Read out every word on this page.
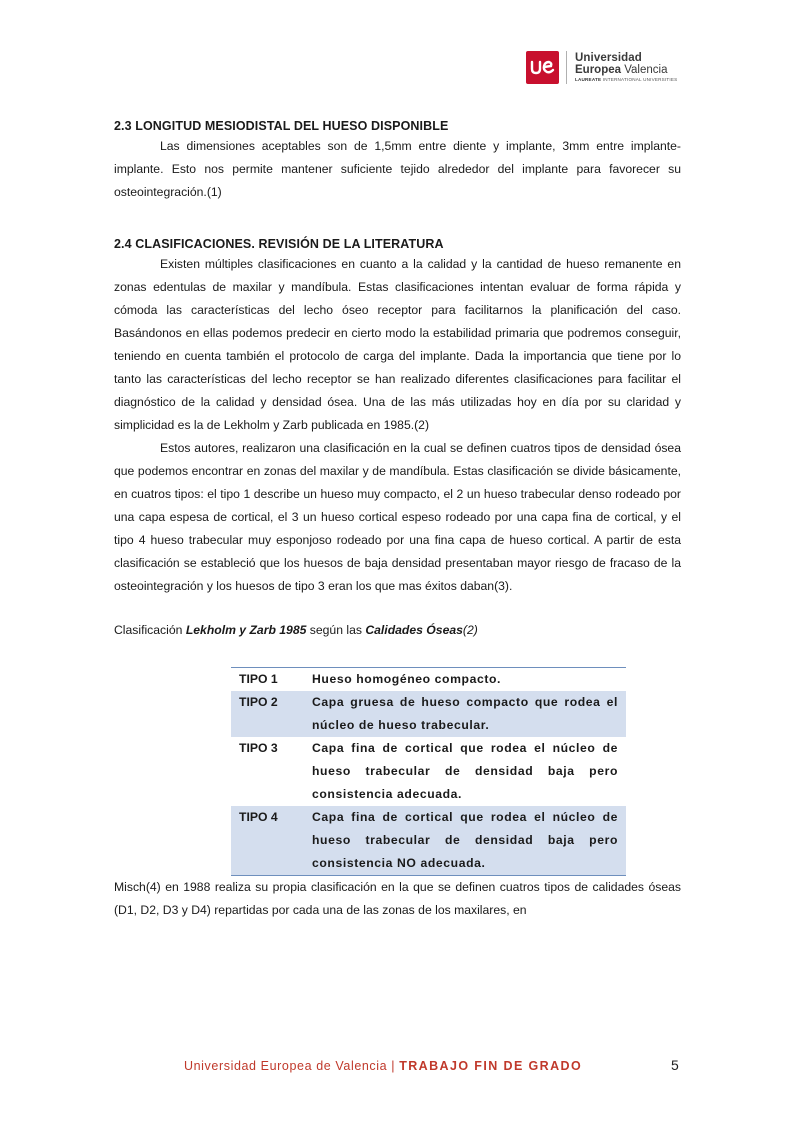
Universidad
Europea Valencia
LAUREATE INTERNATIONAL UNIVERSITIES
2.3 LONGITUD MESIODISTAL DEL HUESO DISPONIBLE

Las dimensiones aceptables son de 1,5mm entre diente y implante, 3mm entre implante-implante. Esto nos permite mantener suficiente tejido alrededor del implante para favorecer su osteointegración.(1)

2.4 CLASIFICACIONES. REVISIÓN DE LA LITERATURA

Existen múltiples clasificaciones en cuanto a la calidad y la cantidad de hueso remanente en zonas edentulas de maxilar y mandíbula. Estas clasificaciones intentan evaluar de forma rápida y cómoda las características del lecho óseo receptor para facilitarnos la planificación del caso. Basándonos en ellas podemos predecir en cierto modo la estabilidad primaria que podremos conseguir, teniendo en cuenta también el protocolo de carga del implante. Dada la importancia que tiene por lo tanto las características del lecho receptor se han realizado diferentes clasificaciones para facilitar el diagnóstico de la calidad y densidad ósea. Una de las más utilizadas hoy en día por su claridad y simplicidad es la de Lekholm y Zarb publicada en 1985.(2)

Estos autores, realizaron una clasificación en la cual se definen cuatros tipos de densidad ósea que podemos encontrar en zonas del maxilar y de mandíbula. Estas clasificación se divide básicamente, en cuatros tipos: el tipo 1 describe un hueso muy compacto, el 2 un hueso trabecular denso rodeado por una capa espesa de cortical, el 3 un hueso cortical espeso rodeado por una capa fina de cortical, y el tipo 4 hueso trabecular muy esponjoso rodeado por una fina capa de hueso cortical. A partir de esta clasificación se estableció que los huesos de baja densidad presentaban mayor riesgo de fracaso de la osteointegración y los huesos de tipo 3 eran los que mas éxitos daban(3).

Clasificación Lekholm y Zarb 1985 según las Calidades Óseas(2)
TIPO 1	Hueso homogéneo compacto.
TIPO 2	Capa gruesa de hueso compacto que rodea el núcleo de hueso trabecular.
TIPO 3	Capa fina de cortical que rodea el núcleo de hueso trabecular de densidad baja pero consistencia adecuada.
TIPO 4	Capa fina de cortical que rodea el núcleo de hueso trabecular de densidad baja pero consistencia NO adecuada.

Misch(4) en 1988 realiza su propia clasificación en la que se definen cuatros tipos de calidades óseas (D1, D2, D3 y D4) repartidas por cada una de las zonas de los maxilares, en

Universidad Europea de Valencia | TRABAJO FIN DE GRADO	5
